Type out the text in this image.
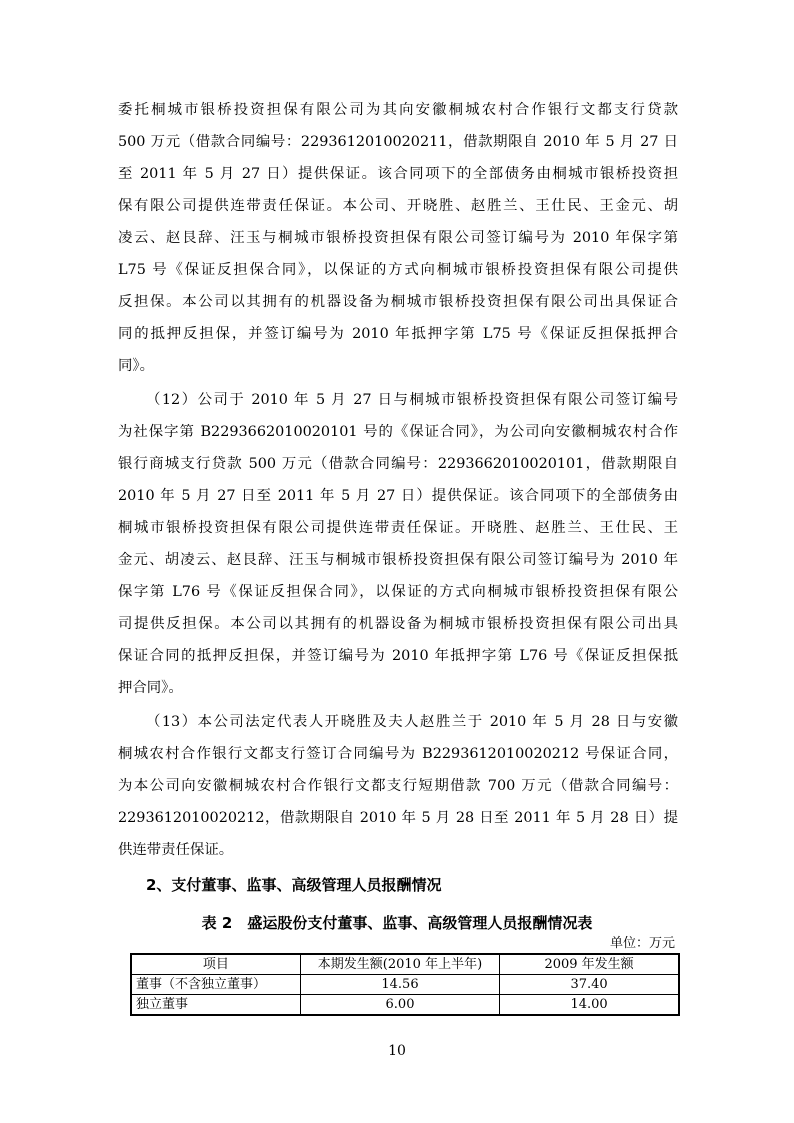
委托桐城市银桥投资担保有限公司为其向安徽桐城农村合作银行文都支行贷款
500 万元（借款合同编号：2293612010020211，借款期限自 2010 年 5 月 27 日
至 2011 年 5 月 27 日）提供保证。该合同项下的全部债务由桐城市银桥投资担
保有限公司提供连带责任保证。本公司、开晓胜、赵胜兰、王仕民、王金元、胡
凌云、赵艮辞、汪玉与桐城市银桥投资担保有限公司签订编号为 2010 年保字第
L75 号《保证反担保合同》，以保证的方式向桐城市银桥投资担保有限公司提供
反担保。本公司以其拥有的机器设备为桐城市银桥投资担保有限公司出具保证合
同的抵押反担保，并签订编号为 2010 年抵押字第 L75 号《保证反担保抵押合
同》。
（12）公司于 2010 年 5 月 27 日与桐城市银桥投资担保有限公司签订编号
为社保字第 B2293662010020101 号的《保证合同》，为公司向安徽桐城农村合作
银行商城支行贷款 500 万元（借款合同编号：2293662010020101，借款期限自
2010 年 5 月 27 日至 2011 年 5 月 27 日）提供保证。该合同项下的全部债务由
桐城市银桥投资担保有限公司提供连带责任保证。开晓胜、赵胜兰、王仕民、王
金元、胡凌云、赵艮辞、汪玉与桐城市银桥投资担保有限公司签订编号为 2010 年
保字第 L76 号《保证反担保合同》，以保证的方式向桐城市银桥投资担保有限公
司提供反担保。本公司以其拥有的机器设备为桐城市银桥投资担保有限公司出具
保证合同的抵押反担保，并签订编号为 2010 年抵押字第 L76 号《保证反担保抵
押合同》。
（13）本公司法定代表人开晓胜及夫人赵胜兰于 2010 年 5 月 28 日与安徽
桐城农村合作银行文都支行签订合同编号为 B2293612010020212 号保证合同，
为本公司向安徽桐城农村合作银行文都支行短期借款 700 万元（借款合同编号：
2293612010020212，借款期限自 2010 年 5 月 28 日至 2011 年 5 月 28 日）提
供连带责任保证。
2、支付董事、监事、高级管理人员报酬情况
表 2　盛运股份支付董事、监事、高级管理人员报酬情况表
单位：万元
项目	本期发生额(2010 年上半年)	2009 年发生额
董事（不含独立董事）	14.56	37.40
独立董事	6.00	14.00
10
